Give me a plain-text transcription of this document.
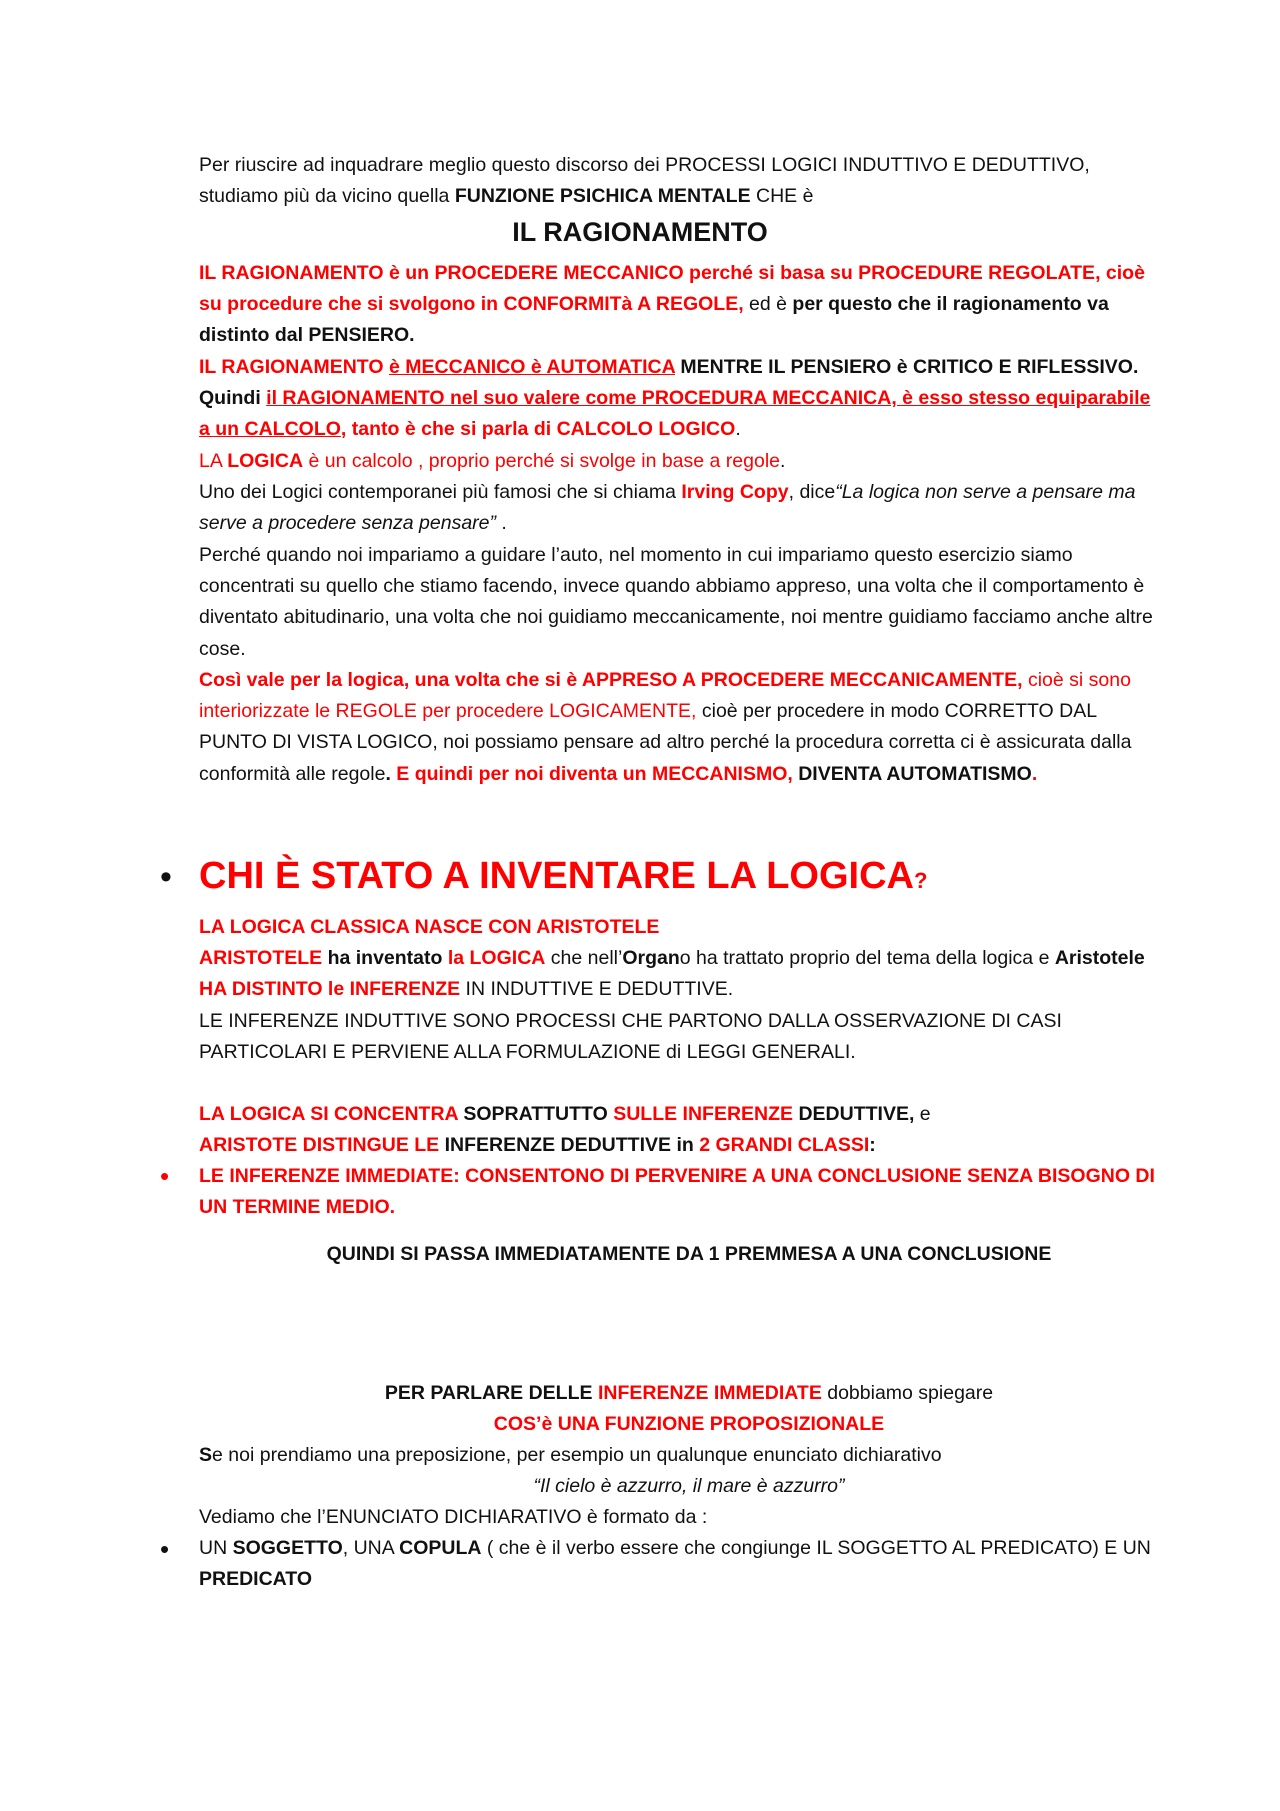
Per riuscire ad inquadrare meglio questo discorso dei PROCESSI LOGICI INDUTTIVO E DEDUTTIVO,
studiamo più da vicino quella FUNZIONE PSICHICA MENTALE CHE è
IL RAGIONAMENTO
IL RAGIONAMENTO è un PROCEDERE MECCANICO perché si basa su PROCEDURE REGOLATE, cioè su procedure che si svolgono in CONFORMITà A REGOLE, ed è per questo che il ragionamento va distinto dal PENSIERO.
IL RAGIONAMENTO è MECCANICO è AUTOMATICA MENTRE IL PENSIERO è CRITICO E RIFLESSIVO.
Quindi il RAGIONAMENTO nel suo valere come PROCEDURA MECCANICA, è esso stesso equiparabile a un CALCOLO, tanto è che si parla di CALCOLO LOGICO.
LA LOGICA è un calcolo , proprio perché si svolge in base a regole.
Uno dei Logici contemporanei più famosi che si chiama Irving Copy, dice“La logica non serve a pensare ma serve a procedere senza pensare” .
Perché quando noi impariamo a guidare l’auto, nel momento in cui impariamo questo esercizio siamo concentrati su quello che stiamo facendo, invece quando abbiamo appreso, una volta che il comportamento è diventato abitudinario, una volta che noi guidiamo meccanicamente, noi mentre guidiamo facciamo anche altre cose.
Così vale per la logica, una volta che si è APPRESO A PROCEDERE MECCANICAMENTE, cioè si sono interiorizzate le REGOLE per procedere LOGICAMENTE, cioè per procedere in modo CORRETTO DAL PUNTO DI VISTA LOGICO, noi possiamo pensare ad altro perché la procedura corretta ci è assicurata dalla conformità alle regole. E quindi per noi diventa un MECCANISMO, DIVENTA AUTOMATISMO.
• CHI È STATO A INVENTARE LA LOGICA?
LA LOGICA CLASSICA NASCE CON ARISTOTELE
ARISTOTELE ha inventato la LOGICA che nell’Organo ha trattato proprio del tema della logica e Aristotele HA DISTINTO le INFERENZE IN INDUTTIVE E DEDUTTIVE.
LE INFERENZE INDUTTIVE SONO PROCESSI CHE PARTONO DALLA OSSERVAZIONE DI CASI PARTICOLARI E PERVIENE ALLA FORMULAZIONE di LEGGI GENERALI.
LA LOGICA SI CONCENTRA SOPRATTUTTO SULLE INFERENZE DEDUTTIVE, e
ARISTOTE DISTINGUE LE INFERENZE DEDUTTIVE in 2 GRANDI CLASSI:
• LE INFERENZE IMMEDIATE: CONSENTONO DI PERVENIRE A UNA CONCLUSIONE SENZA BISOGNO DI UN TERMINE MEDIO.
QUINDI SI PASSA IMMEDIATAMENTE DA 1 PREMMESA A UNA CONCLUSIONE
PER PARLARE DELLE INFERENZE IMMEDIATE dobbiamo spiegare
COS’è UNA FUNZIONE PROPOSIZIONALE
Se noi prendiamo una preposizione, per esempio un qualunque enunciato dichiarativo
“Il cielo è azzurro, il mare è azzurro”
Vediamo che l’ENUNCIATO DICHIARATIVO è formato da :
• UN SOGGETTO, UNA COPULA ( che è il verbo essere che congiunge IL SOGGETTO AL PREDICATO) E UN PREDICATO
